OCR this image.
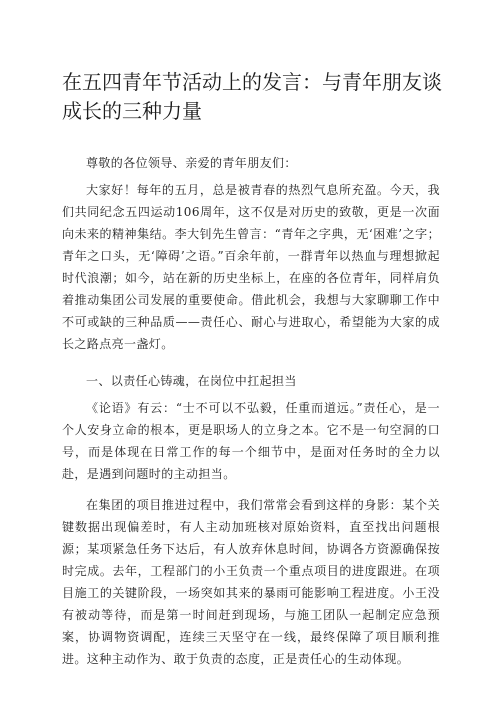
在五四青年节活动上的发言：与青年朋友谈成长的三种力量

尊敬的各位领导、亲爱的青年朋友们：

大家好！每年的五月，总是被青春的热烈气息所充盈。今天，我们共同纪念五四运动106周年，这不仅是对历史的致敬，更是一次面向未来的精神集结。李大钊先生曾言：“青年之字典，无‘困难’之字；青年之口头，无‘障碍’之语。”百余年前，一群青年以热血与理想掀起时代浪潮；如今，站在新的历史坐标上，在座的各位青年，同样肩负着推动集团公司发展的重要使命。借此机会，我想与大家聊聊工作中不可或缺的三种品质——责任心、耐心与进取心，希望能为大家的成长之路点亮一盏灯。

一、以责任心铸魂，在岗位中扛起担当

《论语》有云：“士不可以不弘毅，任重而道远。”责任心，是一个人安身立命的根本，更是职场人的立身之本。它不是一句空洞的口号，而是体现在日常工作的每一个细节中，是面对任务时的全力以赴，是遇到问题时的主动担当。

在集团的项目推进过程中，我们常常会看到这样的身影：某个关键数据出现偏差时，有人主动加班核对原始资料，直至找出问题根源；某项紧急任务下达后，有人放弃休息时间，协调各方资源确保按时完成。去年，工程部门的小王负责一个重点项目的进度跟进。在项目施工的关键阶段，一场突如其来的暴雨可能影响工程进度。小王没有被动等待，而是第一时间赶到现场，与施工团队一起制定应急预案，协调物资调配，连续三天坚守在一线，最终保障了项目顺利推进。这种主动作为、敢于负责的态度，正是责任心的生动体现。
